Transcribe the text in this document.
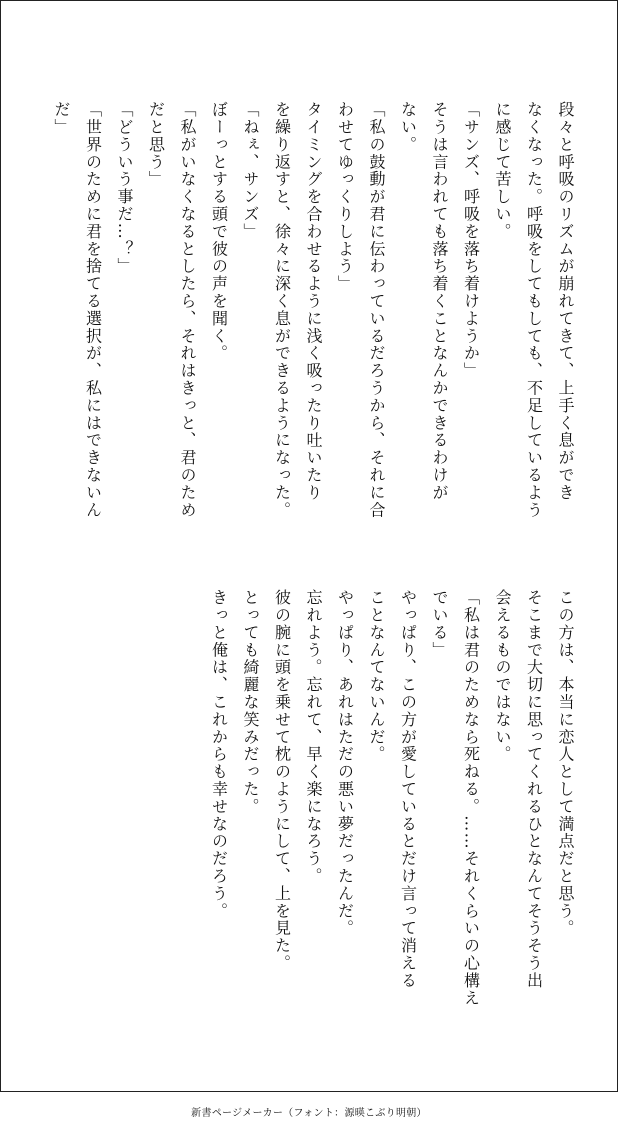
段々と呼吸のリズムが崩れてきて、上手く息ができ
なくなった。呼吸をしてもしても、不足しているよう
に感じて苦しい。
「サンズ、呼吸を落ち着けようか」
そうは言われても落ち着くことなんかできるわけが
ない。
「私の鼓動が君に伝わっているだろうから、それに合
わせてゆっくりしよう」
タイミングを合わせるように浅く吸ったり吐いたり
を繰り返すと、徐々に深く息ができるようになった。
「ねぇ、サンズ」
ぼーっとする頭で彼の声を聞く。
「私がいなくなるとしたら、それはきっと、君のため
だと思う」
「どういう事だ…？」
「世界のために君を捨てる選択が、私にはできないん
だ」
この方は、本当に恋人として満点だと思う。
そこまで大切に思ってくれるひとなんてそうそう出
会えるものではない。
「私は君のためなら死ねる。……それくらいの心構え
でいる」
やっぱり、この方が愛しているとだけ言って消える
ことなんてないんだ。
やっぱり、あれはただの悪い夢だったんだ。
忘れよう。忘れて、早く楽になろう。
彼の腕に頭を乗せて枕のようにして、上を見た。
とっても綺麗な笑みだった。
きっと俺は、これからも幸せなのだろう。
新書ページメーカー（フォント：源暎こぶり明朝）
